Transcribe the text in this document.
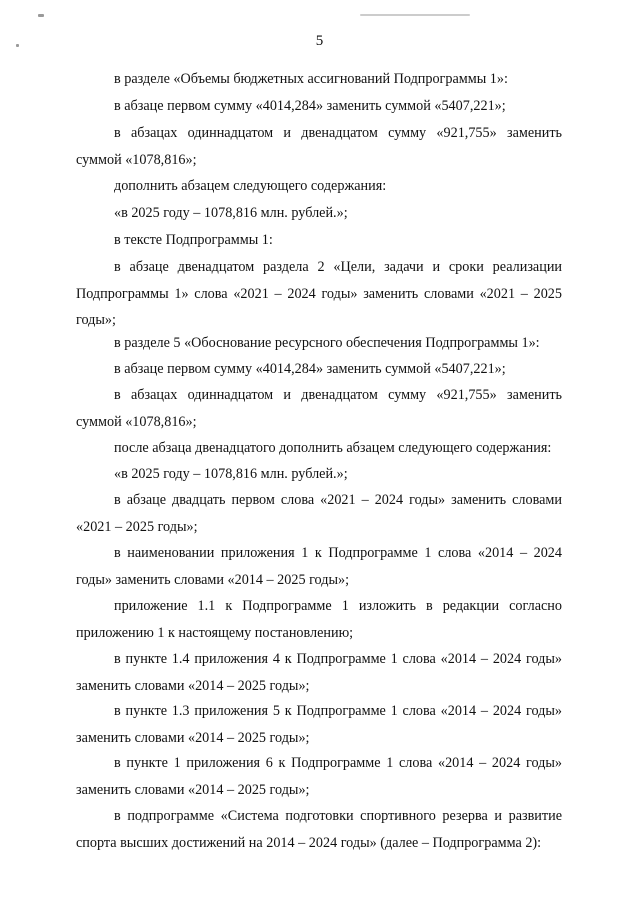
5
в разделе «Объемы бюджетных ассигнований Подпрограммы 1»:
в абзаце первом сумму «4014,284» заменить суммой «5407,221»;
в абзацах одиннадцатом и двенадцатом сумму «921,755» заменить суммой «1078,816»;
дополнить абзацем следующего содержания:
«в 2025 году – 1078,816 млн. рублей.»;
в тексте Подпрограммы 1:
в абзаце двенадцатом раздела 2 «Цели, задачи и сроки реализации Подпрограммы 1» слова «2021 – 2024 годы» заменить словами «2021 – 2025 годы»;
в разделе 5 «Обоснование ресурсного обеспечения Подпрограммы 1»:
в абзаце первом сумму «4014,284» заменить суммой «5407,221»;
в абзацах одиннадцатом и двенадцатом сумму «921,755» заменить суммой «1078,816»;
после абзаца двенадцатого дополнить абзацем следующего содержания:
«в 2025 году – 1078,816 млн. рублей.»;
в абзаце двадцать первом слова «2021 – 2024 годы» заменить словами «2021 – 2025 годы»;
в наименовании приложения 1 к Подпрограмме 1 слова «2014 – 2024 годы» заменить словами «2014 – 2025 годы»;
приложение 1.1 к Подпрограмме 1 изложить в редакции согласно приложению 1 к настоящему постановлению;
в пункте 1.4 приложения 4 к Подпрограмме 1 слова «2014 – 2024 годы» заменить словами «2014 – 2025 годы»;
в пункте 1.3 приложения 5 к Подпрограмме 1 слова «2014 – 2024 годы» заменить словами «2014 – 2025 годы»;
в пункте 1 приложения 6 к Подпрограмме 1 слова «2014 – 2024 годы» заменить словами «2014 – 2025 годы»;
в подпрограмме «Система подготовки спортивного резерва и развитие спорта высших достижений на 2014 – 2024 годы» (далее – Подпрограмма 2):
